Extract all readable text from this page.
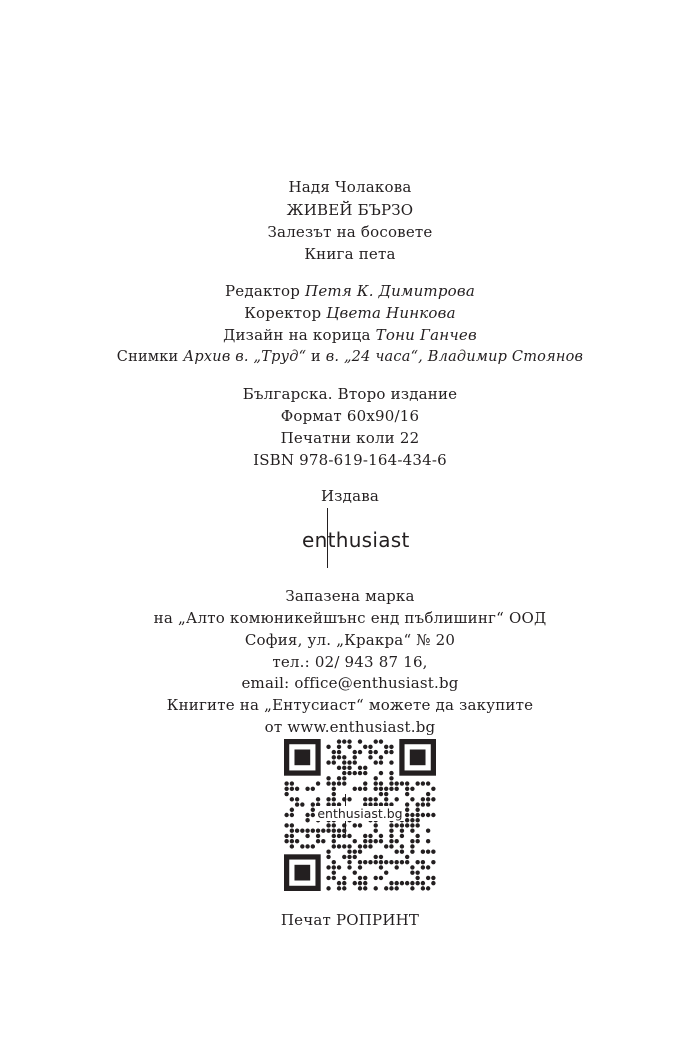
Надя Чолакова
ЖИВЕЙ БЪРЗО
Залезът на босовете
Книга пета
Редактор Петя К. Димитрова
Коректор Цвета Нинкова
Дизайн на корица Тони Ганчев
Снимки Архив в. „Труд“ и в. „24 часа“, Владимир Стоянов
Българска. Второ издание
Формат 60x90/16
Печатни коли 22
ISBN 978-619-164-434-6
Издава
enthusiast
Запазена марка
на „Алто комюникейшънс енд пъблишинг“ ООД
София, ул. „Кракра“ № 20
тел.: 02/ 943 87 16,
email: office@enthusiast.bg
Книгите на „Ентусиаст“ можете да закупите
от www.enthusiast.bg
enthusiast.bg
Печат РОПРИНТ
